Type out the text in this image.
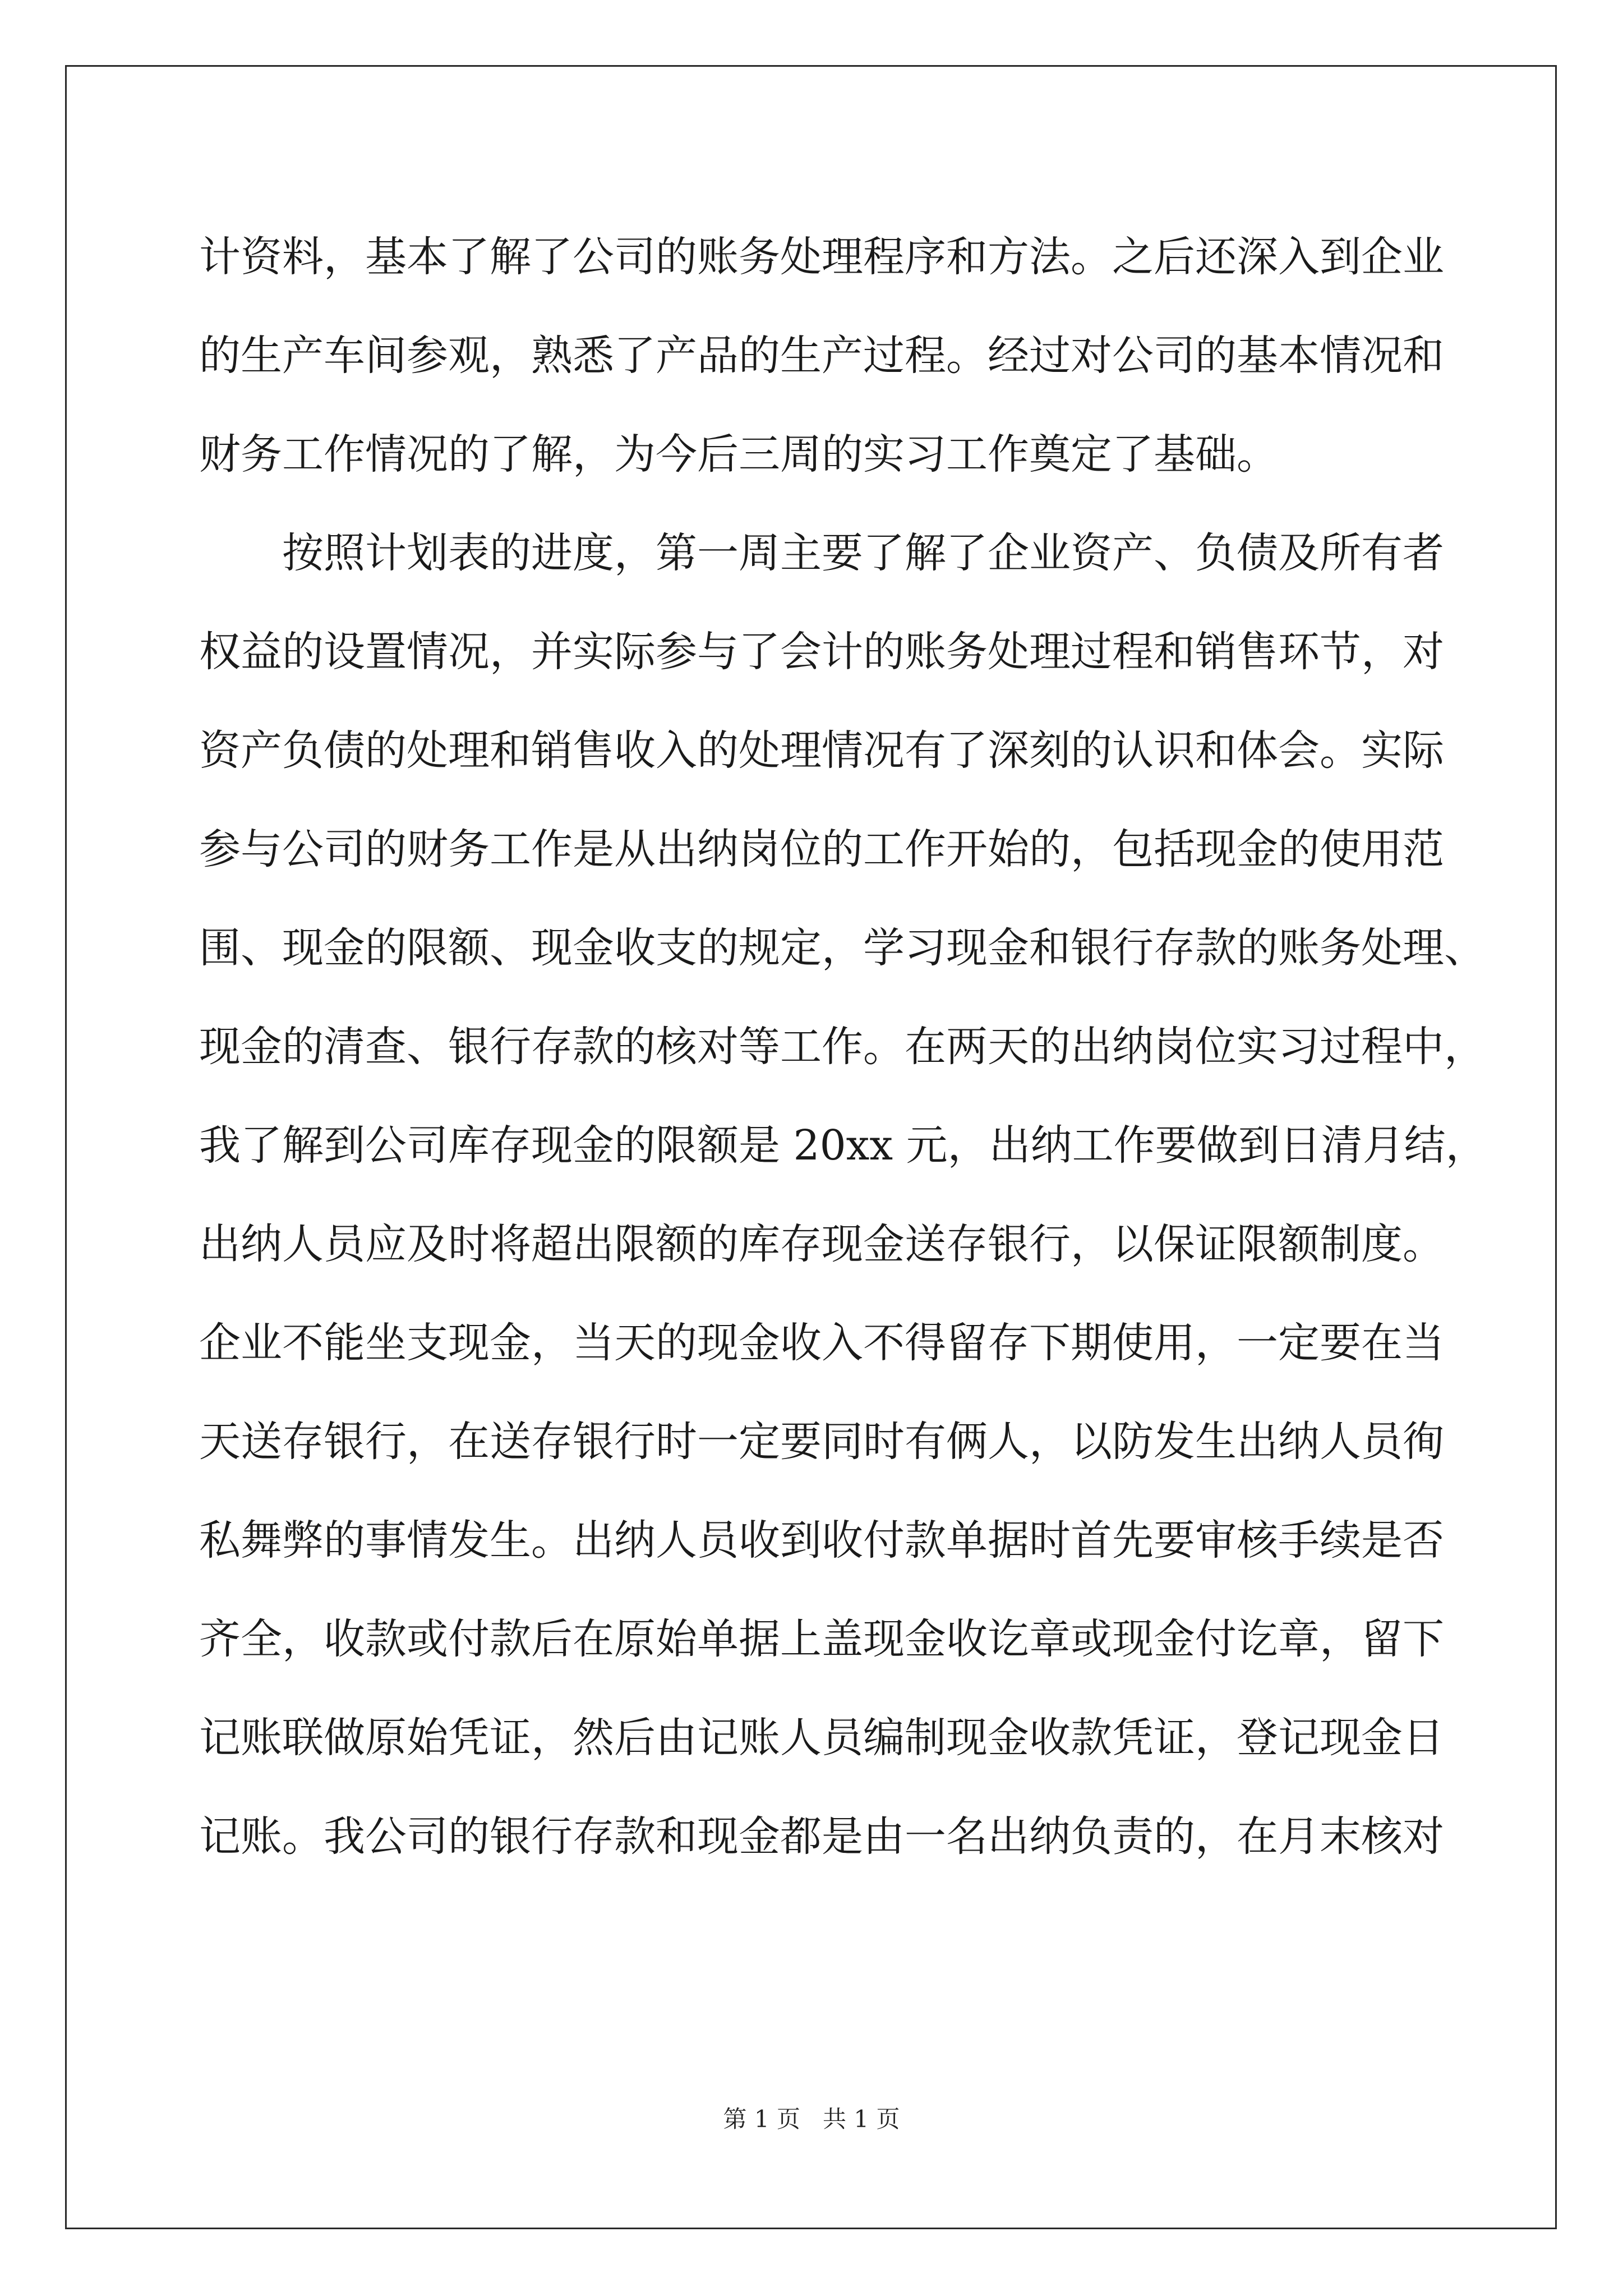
计资料，基本了解了公司的账务处理程序和方法。之后还深入到企业
的生产车间参观，熟悉了产品的生产过程。经过对公司的基本情况和
财务工作情况的了解，为今后三周的实习工作奠定了基础。
按照计划表的进度，第一周主要了解了企业资产、负债及所有者
权益的设置情况，并实际参与了会计的账务处理过程和销售环节，对
资产负债的处理和销售收入的处理情况有了深刻的认识和体会。实际
参与公司的财务工作是从出纳岗位的工作开始的，包括现金的使用范
围、现金的限额、现金收支的规定，学习现金和银行存款的账务处理、
现金的清查、银行存款的核对等工作。在两天的出纳岗位实习过程中，
我了解到公司库存现金的限额是 20xx 元，出纳工作要做到日清月结，
出纳人员应及时将超出限额的库存现金送存银行，以保证限额制度。
企业不能坐支现金，当天的现金收入不得留存下期使用，一定要在当
天送存银行，在送存银行时一定要同时有俩人，以防发生出纳人员徇
私舞弊的事情发生。出纳人员收到收付款单据时首先要审核手续是否
齐全，收款或付款后在原始单据上盖现金收讫章或现金付讫章，留下
记账联做原始凭证，然后由记账人员编制现金收款凭证，登记现金日
记账。我公司的银行存款和现金都是由一名出纳负责的，在月末核对
第 1 页   共 1 页
